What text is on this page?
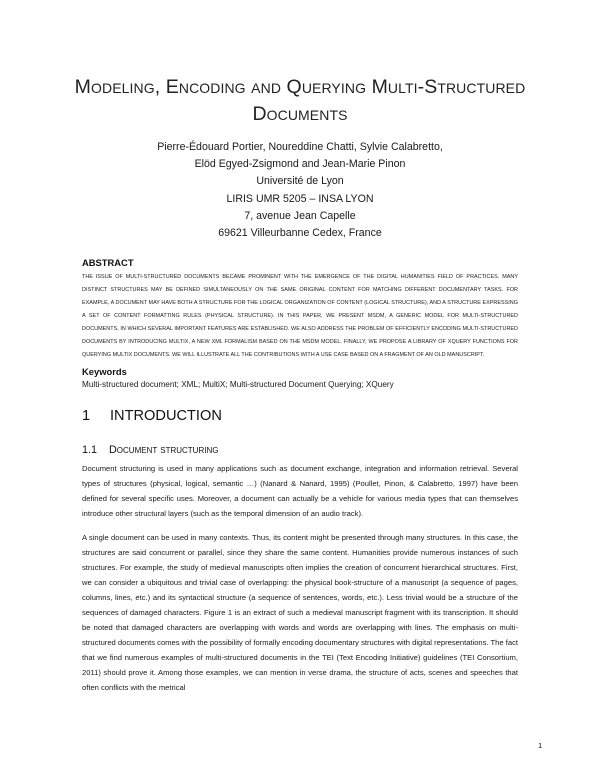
Modeling, Encoding and Querying Multi-Structured
Documents
Pierre-Édouard Portier, Noureddine Chatti, Sylvie Calabretto,
Elöd Egyed-Zsigmond and Jean-Marie Pinon
Université de Lyon
LIRIS UMR 5205 – INSA LYON
7, avenue Jean Capelle
69621 Villeurbanne Cedex, France
ABSTRACT
THE ISSUE OF MULTI-STRUCTURED DOCUMENTS BECAME PROMINENT WITH THE EMERGENCE OF THE DIGITAL HUMANITIES FIELD OF PRACTICES. MANY DISTINCT STRUCTURES MAY BE DEFINED SIMULTANEOUSLY ON THE SAME ORIGINAL CONTENT FOR MATCHING DIFFERENT DOCUMENTARY TASKS. FOR EXAMPLE, A DOCUMENT MAY HAVE BOTH A STRUCTURE FOR THE LOGICAL ORGANIZATION OF CONTENT (LOGICAL STRUCTURE), AND A STRUCTURE EXPRESSING A SET OF CONTENT FORMATTING RULES (PHYSICAL STRUCTURE). IN THIS PAPER, WE PRESENT MSDM, A GENERIC MODEL FOR MULTI-STRUCTURED DOCUMENTS, IN WHICH SEVERAL IMPORTANT FEATURES ARE ESTABLISHED. WE ALSO ADDRESS THE PROBLEM OF EFFICIENTLY ENCODING MULTI-STRUCTURED DOCUMENTS BY INTRODUCING MULTIX, A NEW XML FORMALISM BASED ON THE MSDM MODEL. FINALLY, WE PROPOSE A LIBRARY OF XQUERY FUNCTIONS FOR QUERYING MULTIX DOCUMENTS. WE WILL ILLUSTRATE ALL THE CONTRIBUTIONS WITH A USE CASE BASED ON A FRAGMENT OF AN OLD MANUSCRIPT.
Keywords
Multi-structured document; XML; MultiX; Multi-structured Document Querying; XQuery
1 INTRODUCTION
1.1 Document structuring
Document structuring is used in many applications such as document exchange, integration and information retrieval. Several types of structures (physical, logical, semantic …) (Nanard & Nanard, 1995) (Poullet, Pinon, & Calabretto, 1997) have been defined for several specific uses. Moreover, a document can actually be a vehicle for various media types that can themselves introduce other structural layers (such as the temporal dimension of an audio track).
A single document can be used in many contexts. Thus, its content might be presented through many structures. In this case, the structures are said concurrent or parallel, since they share the same content. Humanities provide numerous instances of such structures. For example, the study of medieval manuscripts often implies the creation of concurrent hierarchical structures. First, we can consider a ubiquitous and trivial case of overlapping: the physical book-structure of a manuscript (a sequence of pages, columns, lines, etc.) and its syntactical structure (a sequence of sentences, words, etc.). Less trivial would be a structure of the sequences of damaged characters. Figure 1 is an extract of such a medieval manuscript fragment with its transcription. It should be noted that damaged characters are overlapping with words and words are overlapping with lines. The emphasis on multi-structured documents comes with the possibility of formally encoding documentary structures with digital representations. The fact that we find numerous examples of multi-structured documents in the TEI (Text Encoding Initiative) guidelines (TEI Consortium, 2011) should prove it. Among those examples, we can mention in verse drama, the structure of acts, scenes and speeches that often conflicts with the metrical
1
